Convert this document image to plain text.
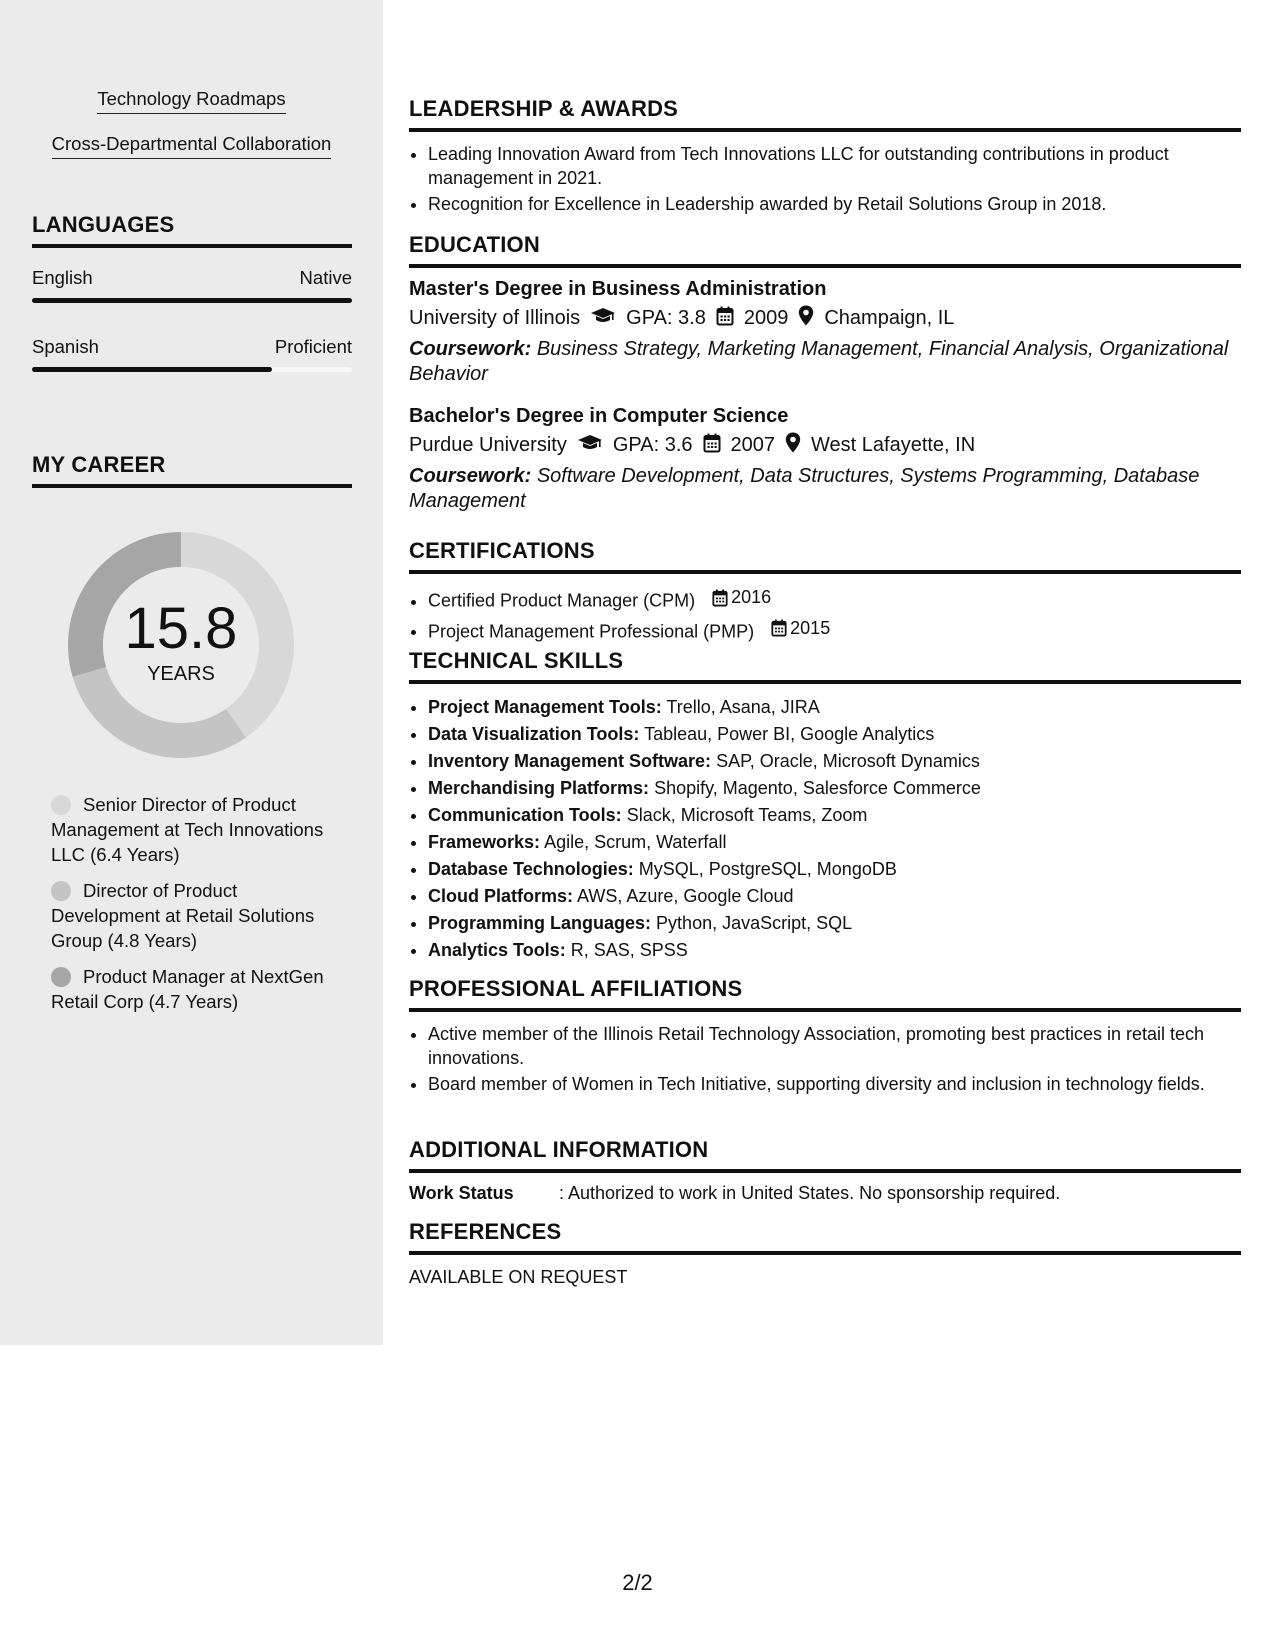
Technology Roadmaps
Cross-Departmental Collaboration
LANGUAGES
English	Native
Spanish	Proficient
MY CAREER
15.8
YEARS
Senior Director of Product Management at Tech Innovations LLC (6.4 Years)
Director of Product Development at Retail Solutions Group (4.8 Years)
Product Manager at NextGen Retail Corp (4.7 Years)
LEADERSHIP & AWARDS
• Leading Innovation Award from Tech Innovations LLC for outstanding contributions in product management in 2021.
• Recognition for Excellence in Leadership awarded by Retail Solutions Group in 2018.
EDUCATION
Master's Degree in Business Administration
University of Illinois GPA: 3.8 2009 Champaign, IL
Coursework: Business Strategy, Marketing Management, Financial Analysis, Organizational Behavior
Bachelor's Degree in Computer Science
Purdue University GPA: 3.6 2007 West Lafayette, IN
Coursework: Software Development, Data Structures, Systems Programming, Database Management
CERTIFICATIONS
• Certified Product Manager (CPM) 2016
• Project Management Professional (PMP) 2015
TECHNICAL SKILLS
• Project Management Tools: Trello, Asana, JIRA
• Data Visualization Tools: Tableau, Power BI, Google Analytics
• Inventory Management Software: SAP, Oracle, Microsoft Dynamics
• Merchandising Platforms: Shopify, Magento, Salesforce Commerce
• Communication Tools: Slack, Microsoft Teams, Zoom
• Frameworks: Agile, Scrum, Waterfall
• Database Technologies: MySQL, PostgreSQL, MongoDB
• Cloud Platforms: AWS, Azure, Google Cloud
• Programming Languages: Python, JavaScript, SQL
• Analytics Tools: R, SAS, SPSS
PROFESSIONAL AFFILIATIONS
• Active member of the Illinois Retail Technology Association, promoting best practices in retail tech innovations.
• Board member of Women in Tech Initiative, supporting diversity and inclusion in technology fields.
ADDITIONAL INFORMATION
Work Status	: Authorized to work in United States. No sponsorship required.
REFERENCES
AVAILABLE ON REQUEST
2/2
